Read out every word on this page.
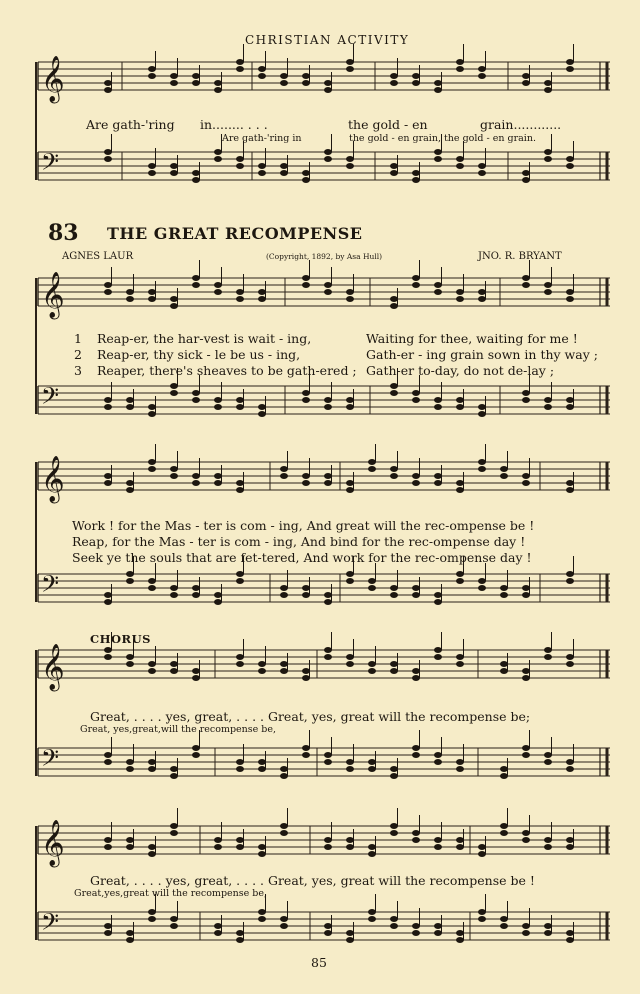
𝄞
𝄢
𝄞
𝄢
𝄞
𝄢
𝄞
𝄢
𝄞
𝄢
CHRISTIAN ACTIVITY
Are gath-'ring in........ . . .	the gold - en	grain............
Are gath-'ring in	the gold - en grain, the gold - en grain.
83 THE GREAT RECOMPENSE
AGNES LAUR	(Copyright, 1892, by Asa Hull)	JNO. R. BRYANT
1 Reap-er, the har-vest is wait - ing,	Waiting for thee, waiting for me !
2 Reap-er, thy sick - le be us - ing,	Gath-er - ing grain sown in thy way ;
3 Reaper, there's sheaves to be gath-ered ; Gath-er to-day, do not de-lay ;
Work ! for the Mas - ter is com - ing, And great will the rec-ompense be !
Reap, for the Mas - ter is com - ing, And bind for the rec-ompense day !
Seek ye the souls that are fet-tered, And work for the rec-ompense day !
CHORUS
Great, . . . . yes, great, . . . . Great, yes, great will the recompense be;
Great, yes,great,will the recompense be,
Great, . . . . yes, great, . . . . Great, yes, great will the recompense be !
Great,yes,great will the recompense be,
85
